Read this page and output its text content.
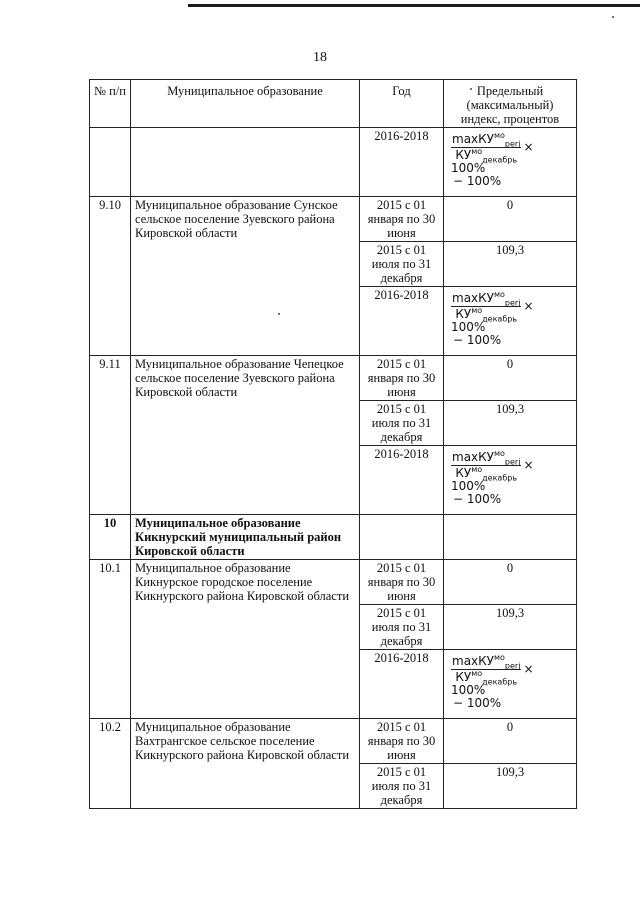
18
№ п/п	Муниципальное образование	Год	Предельный (максимальный) индекс, процентов
		2016-2018	$\frac{\max КУ^{мо}_{perj}}{КУ^{мо}_{декабрь}} \times 100\%$
− 100%

9.10	Муниципальное образование Сунское сельское поселение Зуевского района Кировской области	2015 с 01 января по 30 июня	0
		2015 с 01 июля по 31 декабря	109,3
		2016-2018	$\frac{\max КУ^{мо}_{perj}}{КУ^{мо}_{декабрь}} \times 100\%$
− 100%

9.11	Муниципальное образование Чепецкое сельское поселение Зуевского района Кировской области	2015 с 01 января по 30 июня	0
		2015 с 01 июля по 31 декабря	109,3
		2016-2018	$\frac{\max КУ^{мо}_{perj}}{КУ^{мо}_{декабрь}} \times 100\%$
− 100%

10	Муниципальное образование Кикнурский муниципальный район Кировской области		
10.1	Муниципальное образование Кикнурское городское поселение Кикнурского района Кировской области	2015 с 01 января по 30 июня	0
		2015 с 01 июля по 31 декабря	109,3
		2016-2018	$\frac{\max КУ^{мо}_{perj}}{КУ^{мо}_{декабрь}} \times 100\%$
− 100%

10.2	Муниципальное образование Вахтрангское сельское поселение Кикнурского района Кировской области	2015 с 01 января по 30 июня	0
		2015 с 01 июля по 31 декабря	109,3
